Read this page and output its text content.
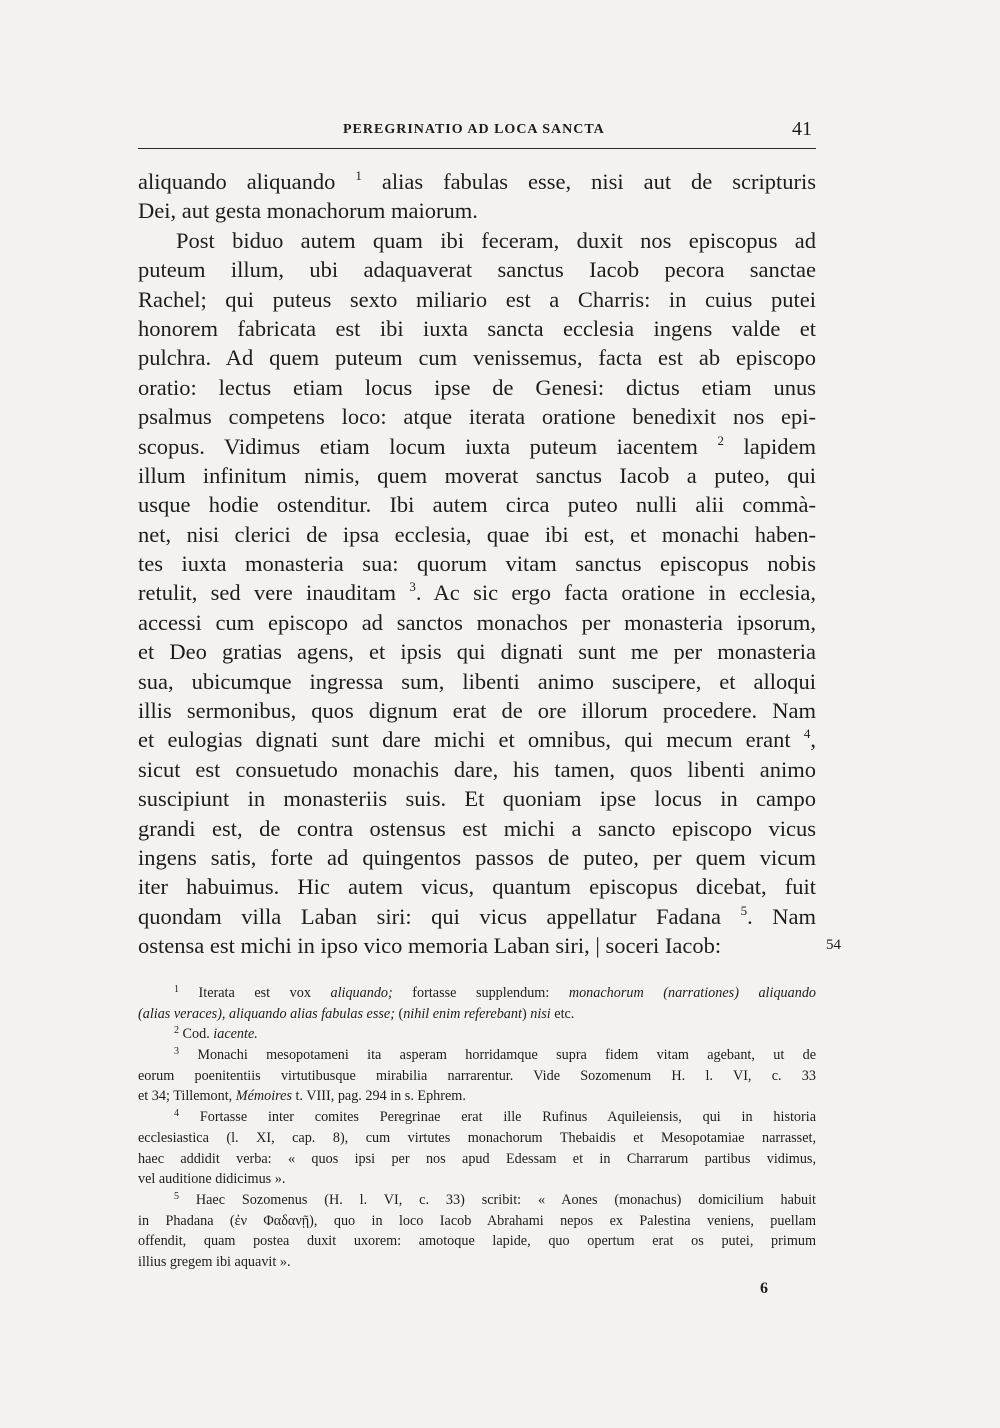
PEREGRINATIO AD LOCA SANCTA	41
aliquando aliquando $^1$ alias fabulas esse, nisi aut de scripturis
Dei, aut gesta monachorum maiorum.
Post biduo autem quam ibi feceram, duxit nos episcopus ad
puteum illum, ubi adaquaverat sanctus Iacob pecora sanctae
Rachel; qui puteus sexto miliario est a Charris: in cuius putei
honorem fabricata est ibi iuxta sancta ecclesia ingens valde et
pulchra. Ad quem puteum cum venissemus, facta est ab episcopo
oratio: lectus etiam locus ipse de Genesi: dictus etiam unus
psalmus competens loco: atque iterata oratione benedixit nos epi-
scopus. Vidimus etiam locum iuxta puteum iacentem $^2$ lapidem
illum infinitum nimis, quem moverat sanctus Iacob a puteo, qui
usque hodie ostenditur. Ibi autem circa puteo nulli alii commà-
net, nisi clerici de ipsa ecclesia, quae ibi est, et monachi haben-
tes iuxta monasteria sua: quorum vitam sanctus episcopus nobis
retulit, sed vere inauditam $^3$. Ac sic ergo facta oratione in ecclesia,
accessi cum episcopo ad sanctos monachos per monasteria ipsorum,
et Deo gratias agens, et ipsis qui dignati sunt me per monasteria
sua, ubicumque ingressa sum, libenti animo suscipere, et alloqui
illis sermonibus, quos dignum erat de ore illorum procedere. Nam
et eulogias dignati sunt dare michi et omnibus, qui mecum erant $^4$,
sicut est consuetudo monachis dare, his tamen, quos libenti animo
suscipiunt in monasteriis suis. Et quoniam ipse locus in campo
grandi est, de contra ostensus est michi a sancto episcopo vicus
ingens satis, forte ad quingentos passos de puteo, per quem vicum
iter habuimus. Hic autem vicus, quantum episcopus dicebat, fuit
quondam villa Laban siri: qui vicus appellatur Fadana $^5$. Nam
ostensa est michi in ipso vico memoria Laban siri, | soceri Iacob:	54
$^1$ Iterata est vox aliquando; fortasse supplendum: monachorum (narrationes) aliquando
(alias veraces), aliquando alias fabulas esse; (nihil enim referebant) nisi etc.
$^2$ Cod. iacente.
$^3$ Monachi mesopotameni ita asperam horridamque supra fidem vitam agebant, ut de
eorum poenitentiis virtutibusque mirabilia narrarentur. Vide Sozomenum H. l. VI, c. 33
et 34; Tillemont, Mémoires t. VIII, pag. 294 in s. Ephrem.
$^4$ Fortasse inter comites Peregrinae erat ille Rufinus Aquileiensis, qui in historia
ecclesiastica (l. XI, cap. 8), cum virtutes monachorum Thebaidis et Mesopotamiae narrasset,
haec addidit verba: « quos ipsi per nos apud Edessam et in Charrarum partibus vidimus,
vel auditione didicimus ».
$^5$ Haec Sozomenus (H. l. VI, c. 33) scribit: « Aones (monachus) domicilium habuit
in Phadana (ἐν Φαδανῇ), quo in loco Iacob Abrahami nepos ex Palestina veniens, puellam
offendit, quam postea duxit uxorem: amotoque lapide, quo opertum erat os putei, primum
illius gregem ibi aquavit ».
6
